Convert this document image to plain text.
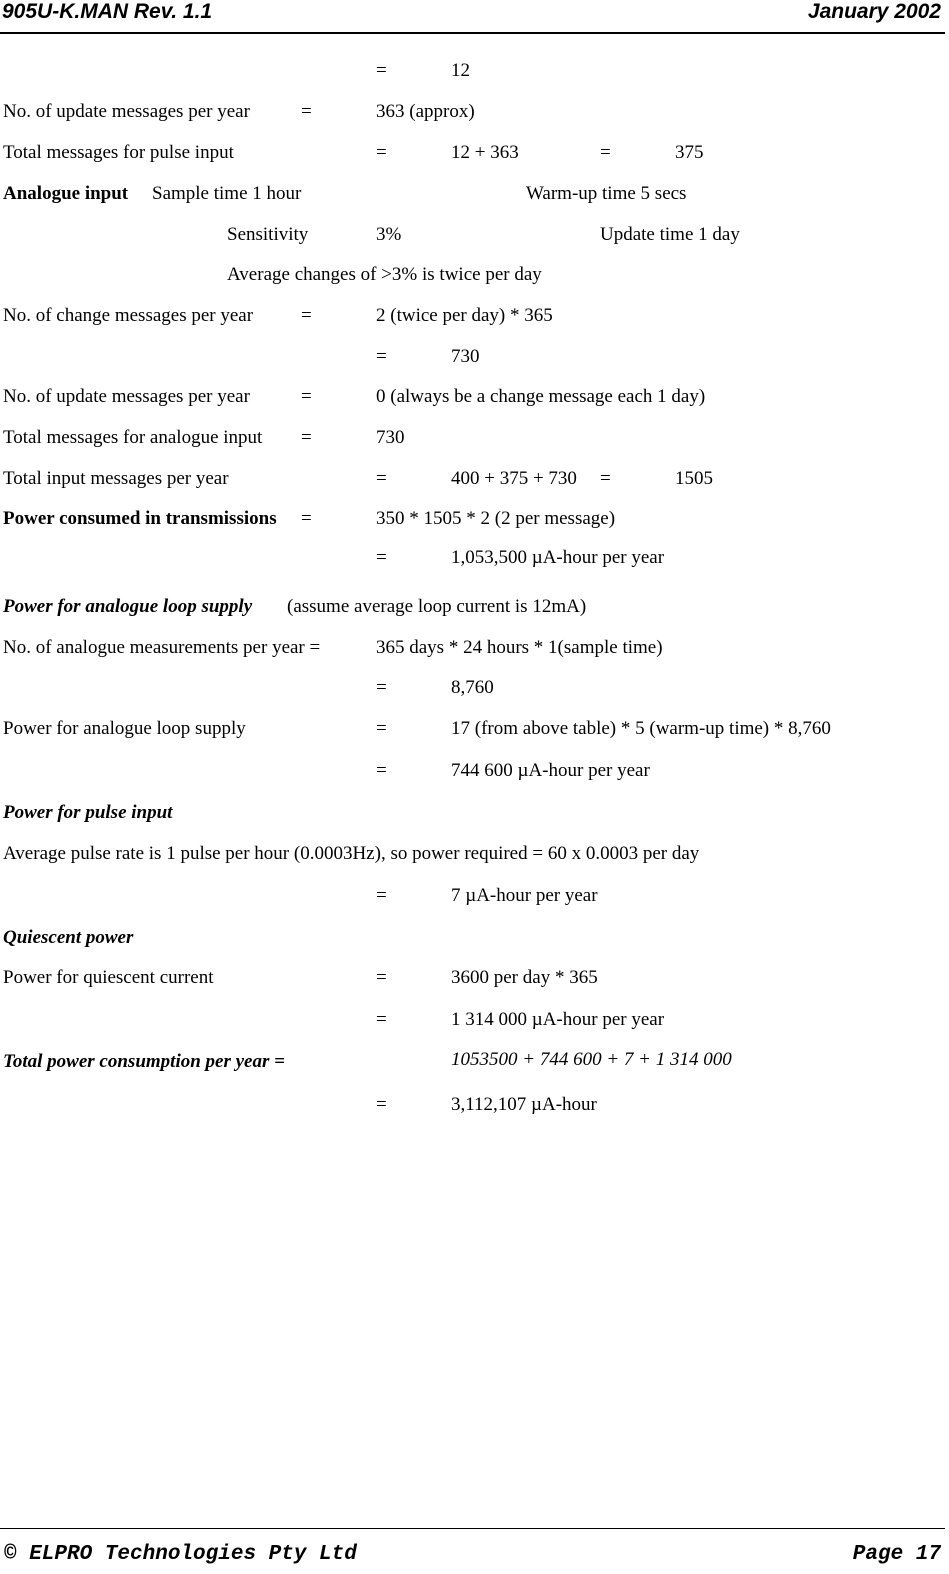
905U-K.MAN Rev. 1.1	January 2002
=	12
No. of update messages per year	=	363 (approx)
Total messages for pulse input	=	12 + 363	=	375
Analogue input Sample time 1 hour	Warm-up time 5 secs
Sensitivity	3%	Update time 1 day
Average changes of >3% is twice per day
No. of change messages per year	=	2 (twice per day) * 365
=	730
No. of update messages per year	=	0 (always be a change message each 1 day)
Total messages for analogue input =	730
Total input messages per year	=	400 + 375 + 730 =	1505
Power consumed in transmissions =	350 * 1505 * 2 (2 per message)
=	1,053,500 µA-hour per year
Power for analogue loop supply (assume average loop current is 12mA)
No. of analogue measurements per year =	365 days * 24 hours * 1(sample time)
=	8,760
Power for analogue loop supply	=	17 (from above table) * 5 (warm-up time) * 8,760
=	744 600 µA-hour per year
Power for pulse input
Average pulse rate is 1 pulse per hour (0.0003Hz), so power required = 60 x 0.0003 per day
=	7 µA-hour per year
Quiescent power
Power for quiescent current	=	3600 per day * 365
=	1 314 000 µA-hour per year
Total power consumption per year =	1053500 + 744 600 + 7 + 1 314 000
=	3,112,107 µA-hour
© ELPRO Technologies Pty Ltd	Page 17
